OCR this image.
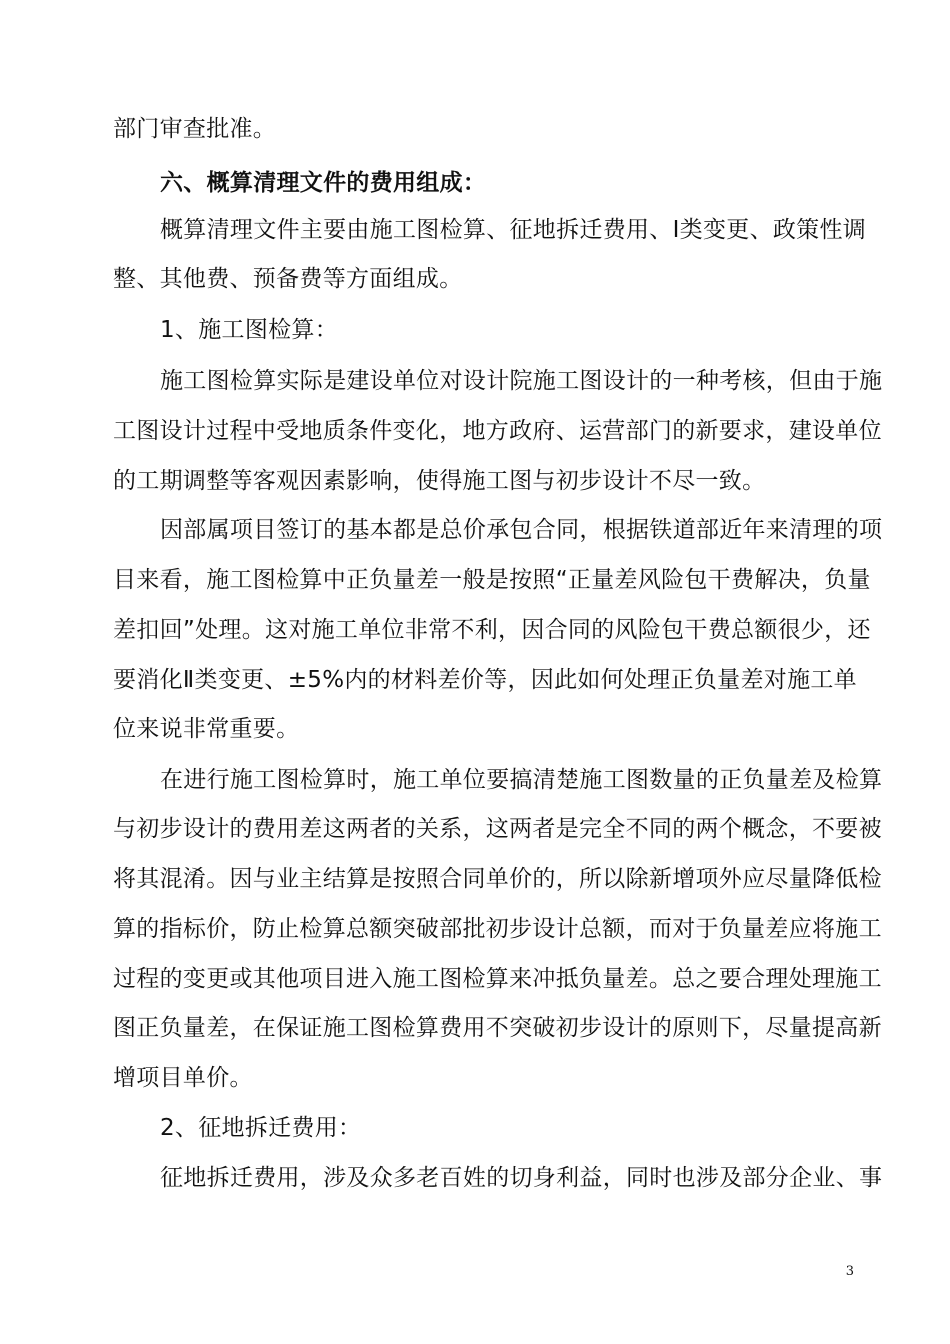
部门审查批准。
六、概算清理文件的费用组成：
概算清理文件主要由施工图检算、征地拆迁费用、Ⅰ类变更、政策性调
整、其他费、预备费等方面组成。
1、施工图检算：
施工图检算实际是建设单位对设计院施工图设计的一种考核，但由于施
工图设计过程中受地质条件变化，地方政府、运营部门的新要求，建设单位
的工期调整等客观因素影响，使得施工图与初步设计不尽一致。
因部属项目签订的基本都是总价承包合同，根据铁道部近年来清理的项
目来看，施工图检算中正负量差一般是按照“正量差风险包干费解决，负量
差扣回”处理。这对施工单位非常不利，因合同的风险包干费总额很少，还
要消化Ⅱ类变更、±5%内的材料差价等，因此如何处理正负量差对施工单
位来说非常重要。
在进行施工图检算时，施工单位要搞清楚施工图数量的正负量差及检算
与初步设计的费用差这两者的关系，这两者是完全不同的两个概念，不要被
将其混淆。因与业主结算是按照合同单价的，所以除新增项外应尽量降低检
算的指标价，防止检算总额突破部批初步设计总额，而对于负量差应将施工
过程的变更或其他项目进入施工图检算来冲抵负量差。总之要合理处理施工
图正负量差，在保证施工图检算费用不突破初步设计的原则下，尽量提高新
增项目单价。
2、征地拆迁费用：
征地拆迁费用，涉及众多老百姓的切身利益，同时也涉及部分企业、事
3
